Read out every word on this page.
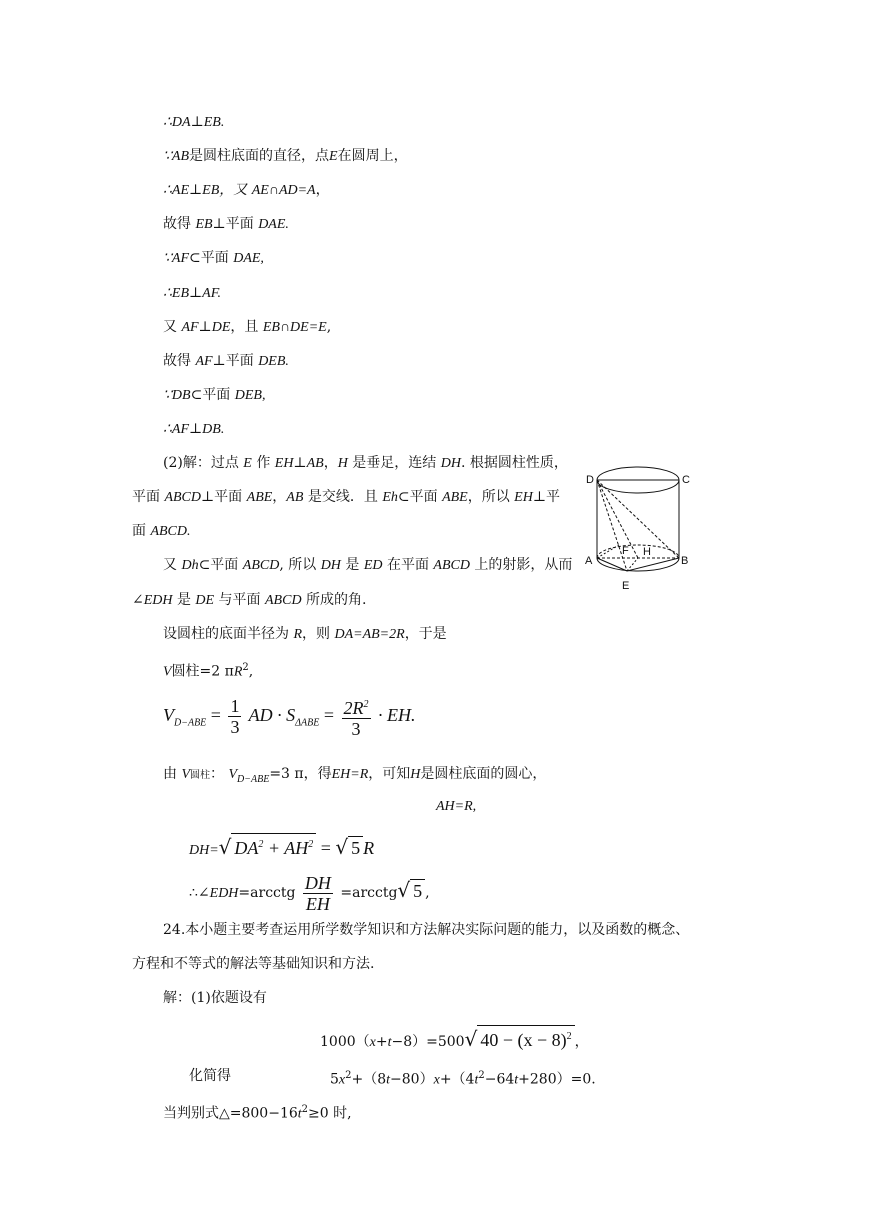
∴DA⊥EB.
∵AB是圆柱底面的直径，点E在圆周上，
∴AE⊥EB，又 AE∩AD=A，
故得 EB⊥平面 DAE.
∵AF⊂平面 DAE,
∴EB⊥AF.
又 AF⊥DE，且 EB∩DE=E,
故得 AF⊥平面 DEB.
∵DB⊂平面 DEB,
∴AF⊥DB.
(2)解：过点 E 作 EH⊥AB，H 是垂足，连结 DH. 根据圆柱性质，
平面 ABCD⊥平面 ABE，AB 是交线．且 Eh⊂平面 ABE，所以 EH⊥平
面 ABCD.
又 Dh⊂平面 ABCD, 所以 DH 是 ED 在平面 ABCD 上的射影，从而
∠EDH 是 DE 与平面 ABCD 所成的角.
设圆柱的底面半径为 R，则 DA=AB=2R，于是
V圆柱=2 $\pi R^2$,
$V_{D-ABE} = \frac{1}{3}$ AD · $S_{\Delta ABE} = \frac{2R^2}{3}$ · EH.
由 V圆柱： $V_{D-ABE}=3$ π，得EH=R，可知H是圆柱底面的圆心，
AH=R,
DH=√ $DA^2 + AH^2$ = √ 5 R
∴∠EDH=arcctg $\frac{DH}{EH}$ =arcctg√ 5 ,
24.本小题主要考查运用所学数学知识和方法解决实际问题的能力，以及函数的概念、
方程和不等式的解法等基础知识和方法.
解：(1)依题设有
1000（x+t−8）=500√ $40 - (x - 8)^2$ ，
化简得	$5x^2+(8t-80)x+(4t^2-64t+280)=0$.
当判别式$\triangle=800-16t^2\ge 0$ 时,
D	C
A	B
F H
E
